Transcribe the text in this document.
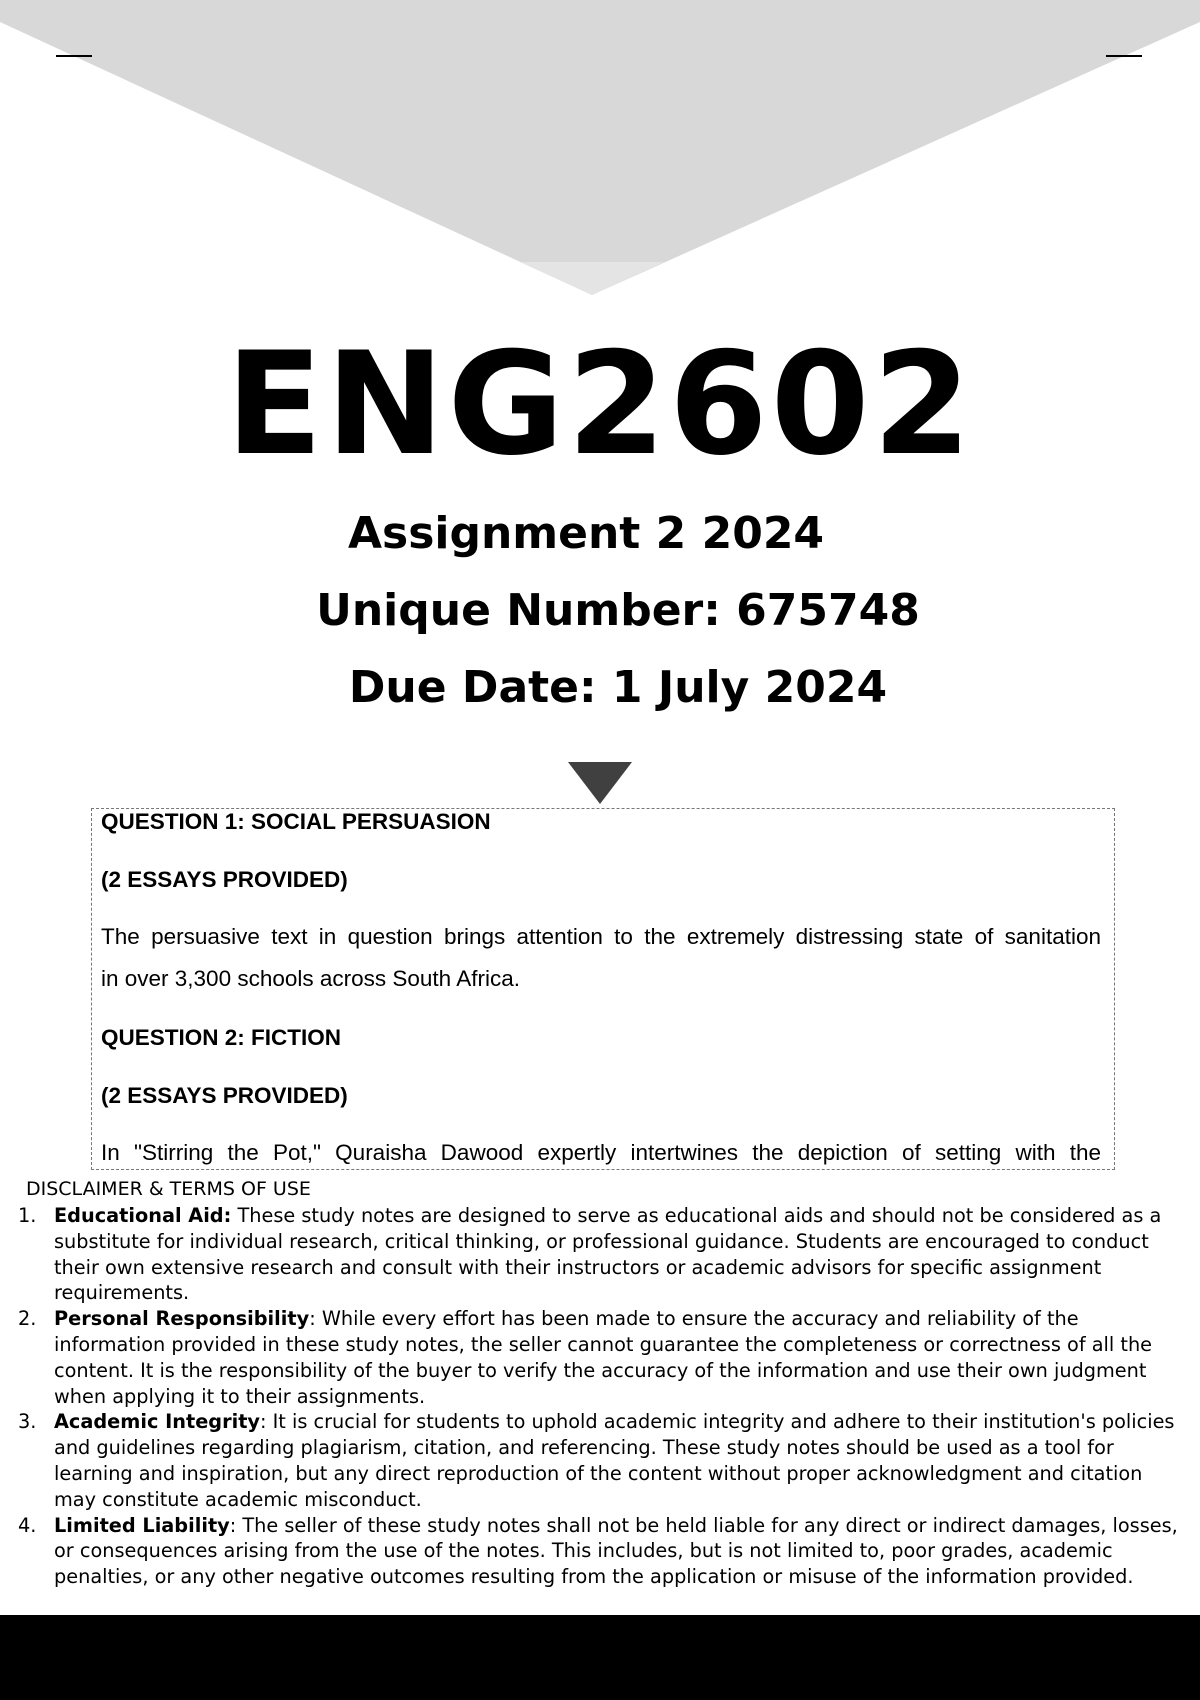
ENG2602
Assignment 2 2024
Unique Number: 675748
Due Date: 1 July 2024
QUESTION 1: SOCIAL PERSUASION
(2 ESSAYS PROVIDED)
The persuasive text in question brings attention to the extremely distressing state of sanitation
in over 3,300 schools across South Africa.
QUESTION 2: FICTION
(2 ESSAYS PROVIDED)
In "Stirring the Pot," Quraisha Dawood expertly intertwines the depiction of setting with the
DISCLAIMER & TERMS OF USE
1. Educational Aid: These study notes are designed to serve as educational aids and should not be considered as a substitute for individual research, critical thinking, or professional guidance. Students are encouraged to conduct their own extensive research and consult with their instructors or academic advisors for specific assignment requirements.
2. Personal Responsibility: While every effort has been made to ensure the accuracy and reliability of the information provided in these study notes, the seller cannot guarantee the completeness or correctness of all the content. It is the responsibility of the buyer to verify the accuracy of the information and use their own judgment when applying it to their assignments.
3. Academic Integrity: It is crucial for students to uphold academic integrity and adhere to their institution's policies and guidelines regarding plagiarism, citation, and referencing. These study notes should be used as a tool for learning and inspiration, but any direct reproduction of the content without proper acknowledgment and citation may constitute academic misconduct.
4. Limited Liability: The seller of these study notes shall not be held liable for any direct or indirect damages, losses, or consequences arising from the use of the notes. This includes, but is not limited to, poor grades, academic penalties, or any other negative outcomes resulting from the application or misuse of the information provided.
